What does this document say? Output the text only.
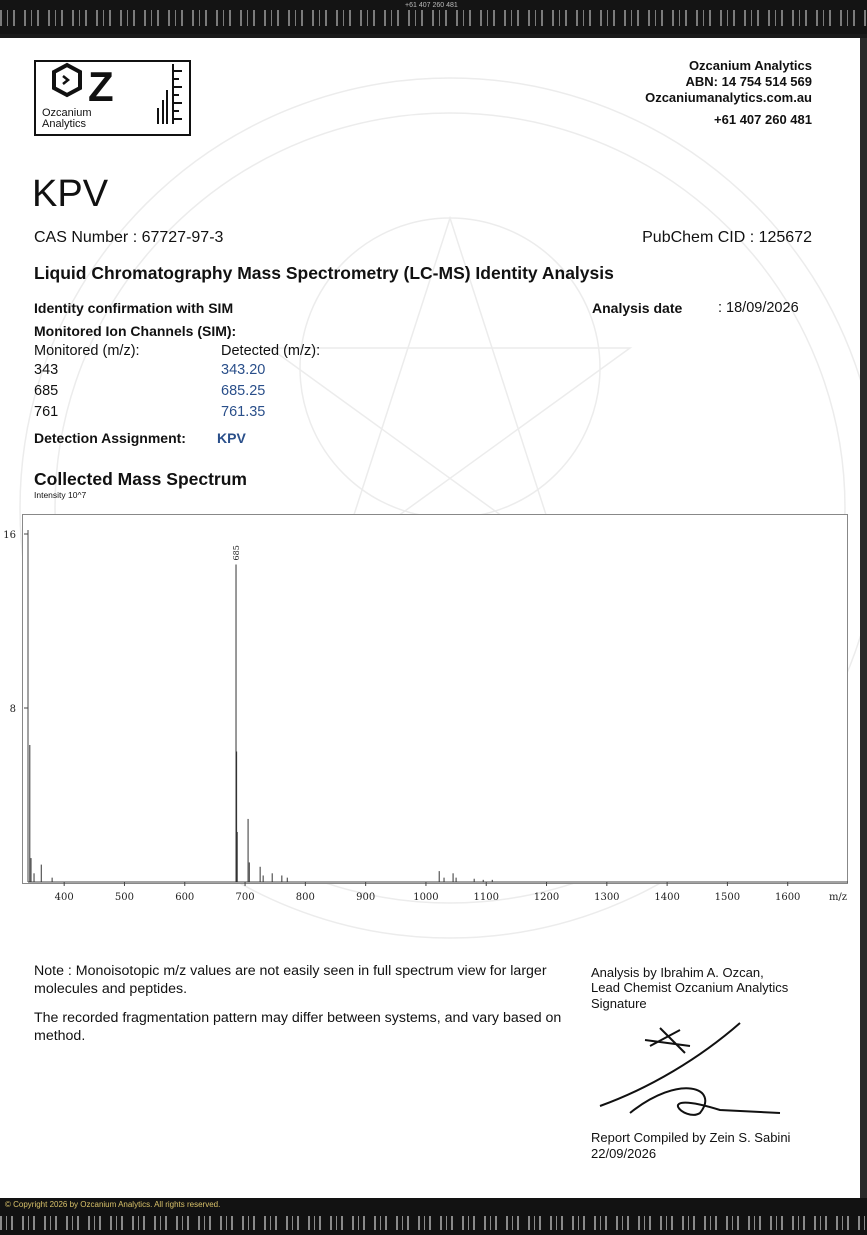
+61 407 260 481
Z
Ozcanium
Analytics
Ozcanium Analytics
ABN: 14 754 514 569
Ozcaniumanalytics.com.au
+61 407 260 481
KPV
CAS Number : 67727-97-3	PubChem CID : 125672
Liquid Chromatography Mass Spectrometry (LC-MS) Identity Analysis
Identity confirmation with SIM	Analysis date : 18/09/2026
Monitored Ion Channels (SIM):
Monitored (m/z):	Detected (m/z):
343	343.20
685	685.25
761	761.35
Detection Assignment: KPV
Collected Mass Spectrum
Intensity 10^7
400	500	600	700	800	900	1000	1100	1200	1300	1400	1500	1600	m/z
8
16
685
Note : Monoisotopic m/z values are not easily seen in full spectrum view for larger molecules and peptides.
The recorded fragmentation pattern may differ between systems, and vary based on method.
Analysis by Ibrahim A. Ozcan,
Lead Chemist Ozcanium Analytics
Signature
Report Compiled by Zein S. Sabini
22/09/2026
© Copyright 2026 by Ozcanium Analytics. All rights reserved.
